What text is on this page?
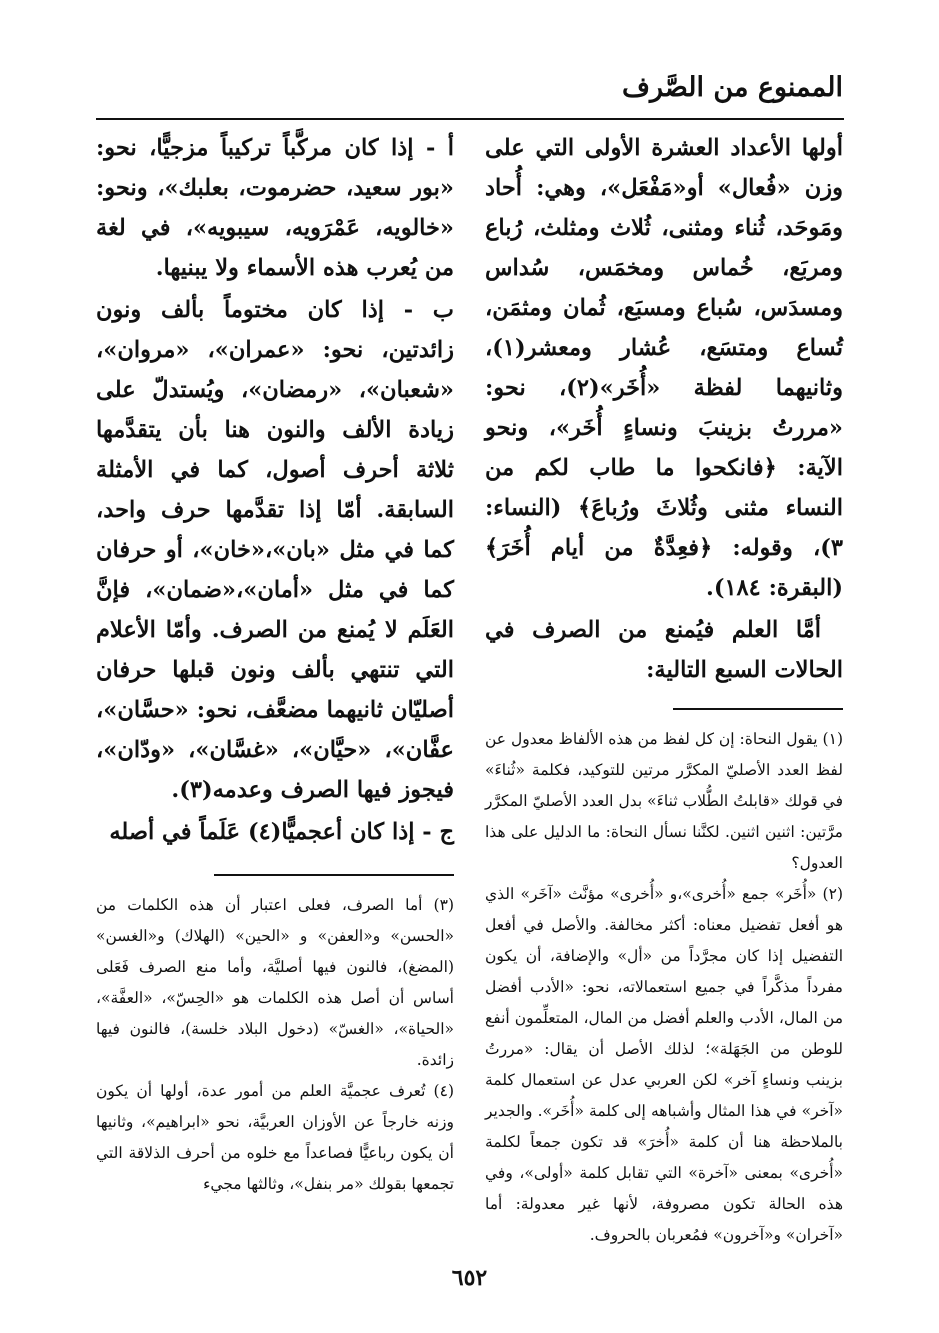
الممنوع من الصَّرف

أولها الأعداد العشرة الأولى التي على وزن «فُعال» أو«مَفْعَل»، وهي: أُحاد ومَوحَد، ثُناء ومثنى، ثُلاث ومثلث، رُباع ومربَع، خُماس ومخمَس، سُداس ومسدَس، سُباع ومسبَع، ثُمان ومثمَن، تُساع ومتسَع، عُشار ومعشر(١)، وثانيهما لفظة «أُخَر»(٢)، نحو: «مررتُ بزينبَ ونساءٍ أُخَر»، ونحو الآية: ﴿فانكحوا ما طاب لكم من النساء مثنى وثُلاثَ ورُباعَ﴾ (النساء: ٣)، وقوله: ﴿فعِدَّةٌ من أيام أُخَرَ﴾(البقرة: ١٨٤).

أمَّا العلم فيُمنع من الصرف في الحالات السبع التالية:

(١) يقول النحاة: إن كل لفظ من هذه الألفاظ معدول عن لفظ العدد الأصليّ المكرَّر مرتين للتوكيد، فكلمة «ثُناءَ» في قولك «قابلتُ الطُّلاب ثناءَ» بدل العدد الأصليّ المكرَّر مرَّتين: اثنين اثنين. لكنَّنا نسأل النحاة: ما الدليل على هذا العدول؟

(٢) «أُخَر» جمع «أُخرى»،و «أُخرى» مؤنَّث «آخَر» الذي هو أفعل تفضيل معناه: أكثر مخالفة. والأصل في أفعل التفضيل إذا كان مجرَّداً من «أل» والإضافة، أن يكون مفرداً مذكَّراً في جميع استعمالاته، نحو: «الأدب أفضل من المال، الأدب والعلم أفضل من المال، المتعلِّمون أنفع للوطن من الجَهَلة»؛ لذلك الأصل أن يقال: «مررتُ بزينب ونساءٍ آخر» لكن العربي عدل عن استعمال كلمة «آخر» في هذا المثال وأشباهه إلى كلمة «أُخَر». والجدير بالملاحظة هنا أن كلمة «أُخرَ» قد تكون جمعاً لكلمة «أُخرى» بمعنى «آخرة» التي تقابل كلمة «أولى»، وفي هذه الحالة تكون مصروفة، لأنها غير معدولة: أما «آخران» و«آخرون» فمُعربان بالحروف.

أ - إذا كان مركَّباً تركيباً مزجيًّا، نحو: «بور سعيد، حضرموت، بعلبك»، ونحو: «خالويه، عَمْرَويه، سيبويه»، في لغة من يُعرب هذه الأسماء ولا يبنيها.

ب - إذا كان مختوماً بألف ونون زائدتين، نحو: «عمران»، «مروان»، «شعبان»، «رمضان»، ويُستدلّ على زيادة الألف والنون هنا بأن يتقدَّمها ثلاثة أحرف أصول، كما في الأمثلة السابقة. أمّا إذا تقدَّمها حرف واحد، كما في مثل «بان»،«خان»، أو حرفان كما في مثل «أمان»،«ضمان»، فإنَّ العَلَم لا يُمنع من الصرف. وأمّا الأعلام التي تنتهي بألف ونون قبلها حرفان أصليّان ثانيهما مضعَّف، نحو: «حسَّان»، عفَّان»، «حيَّان»، «غسَّان»، «ودّان»، فيجوز فيها الصرف وعدمه(٣).

ج - إذا كان أعجميًّا(٤) عَلَماً في أصله

(٣) أما الصرف، فعلى اعتبار أن هذه الكلمات من «الحسن» و«العفن» و «الحين» (الهلاك) و«الغسن» (المضغ)، فالنون فيها أصليَّة، وأما منع الصرف فَعَلى أساس أن أصل هذه الكلمات هو «الحِسّ»، «العفَّة»، «الحياة»، «الغسّ» (دخول البلاد خلسة)، فالنون فيها زائدة.

(٤) تُعرف عجميَّة العلم من أمور عدة، أولها أن يكون وزنه خارجاً عن الأوزان العربيَّة، نحو «ابراهيم»، وثانيها أن يكون رباعيًّا فصاعداً مع خلوه من أحرف الذلاقة التي تجمعها بقولك «مر بنفل»، وثالثها مجيء

٦٥٢
